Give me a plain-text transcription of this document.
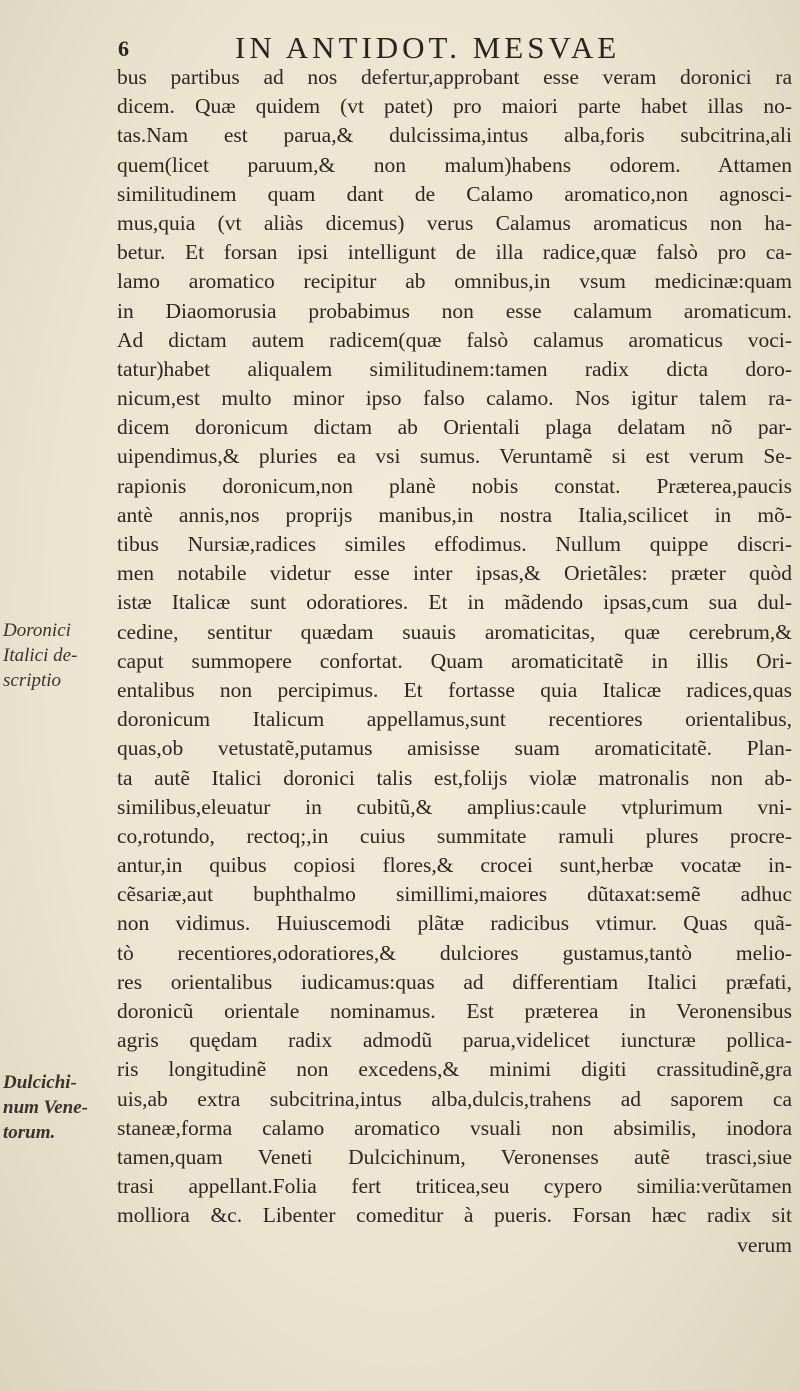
6	IN ANTIDOT. MESVAE
bus partibus ad nos defertur,approbant esse veram doronici ra
dicem. Quæ quidem (vt patet) pro maiori parte habet illas no-
tas.Nam est parua,& dulcissima,intus alba,foris subcitrina,ali
quem(licet paruum,& non malum)habens odorem. Attamen
similitudinem quam dant de Calamo aromatico,non agnosci-
mus,quia (vt aliàs dicemus) verus Calamus aromaticus non ha-
betur. Et forsan ipsi intelligunt de illa radice,quæ falsò pro ca-
lamo aromatico recipitur ab omnibus,in vsum medicinæ:quam
in Diaomorusia probabimus non esse calamum aromaticum.
Ad dictam autem radicem(quæ falsò calamus aromaticus voci-
tatur)habet aliqualem similitudinem:tamen radix dicta doro-
nicum,est multo minor ipso falso calamo. Nos igitur talem ra-
dicem doronicum dictam ab Orientali plaga delatam nõ par-
uipendimus,& pluries ea vsi sumus. Veruntamẽ si est verum Se-
rapionis doronicum,non planè nobis constat. Præterea,paucis
antè annis,nos proprijs manibus,in nostra Italia,scilicet in mõ-
tibus Nursiæ,radices similes effodimus. Nullum quippe discri-
men notabile videtur esse inter ipsas,& Orietãles: præter quòd
istæ Italicæ sunt odoratiores. Et in mãdendo ipsas,cum sua dul-
cedine, sentitur quædam suauis aromaticitas, quæ cerebrum,&
caput summopere confortat. Quam aromaticitatẽ in illis Ori-
entalibus non percipimus. Et fortasse quia Italicæ radices,quas
doronicum Italicum appellamus,sunt recentiores orientalibus,
quas,ob vetustatẽ,putamus amisisse suam aromaticitatẽ. Plan-
ta autẽ Italici doronici talis est,folijs violæ matronalis non ab-
similibus,eleuatur in cubitũ,& amplius:caule vtplurimum vni-
co,rotundo, rectoq;,in cuius summitate ramuli plures procre-
antur,in quibus copiosi flores,& crocei sunt,herbæ vocatæ in-
cẽsariæ,aut buphthalmo simillimi,maiores dũtaxat:semẽ adhuc
non vidimus. Huiuscemodi plãtæ radicibus vtimur. Quas quã-
tò recentiores,odoratiores,& dulciores gustamus,tantò melio-
res orientalibus iudicamus:quas ad differentiam Italici præfati,
doronicũ orientale nominamus. Est præterea in Veronensibus
agris quędam radix admodũ parua,videlicet iuncturæ pollica-
ris longitudinẽ non excedens,& minimi digiti crassitudinẽ,gra
uis,ab extra subcitrina,intus alba,dulcis,trahens ad saporem ca
staneæ,forma calamo aromatico vsuali non absimilis, inodora
tamen,quam Veneti Dulcichinum, Veronenses autẽ trasci,siue
trasi appellant.Folia fert triticea,seu cypero similia:verũtamen
molliora &c. Libenter comeditur à pueris. Forsan hæc radix sit
verum
Doronici
Italici de-
scriptio
Dulcichi-
num Vene-
torum.
